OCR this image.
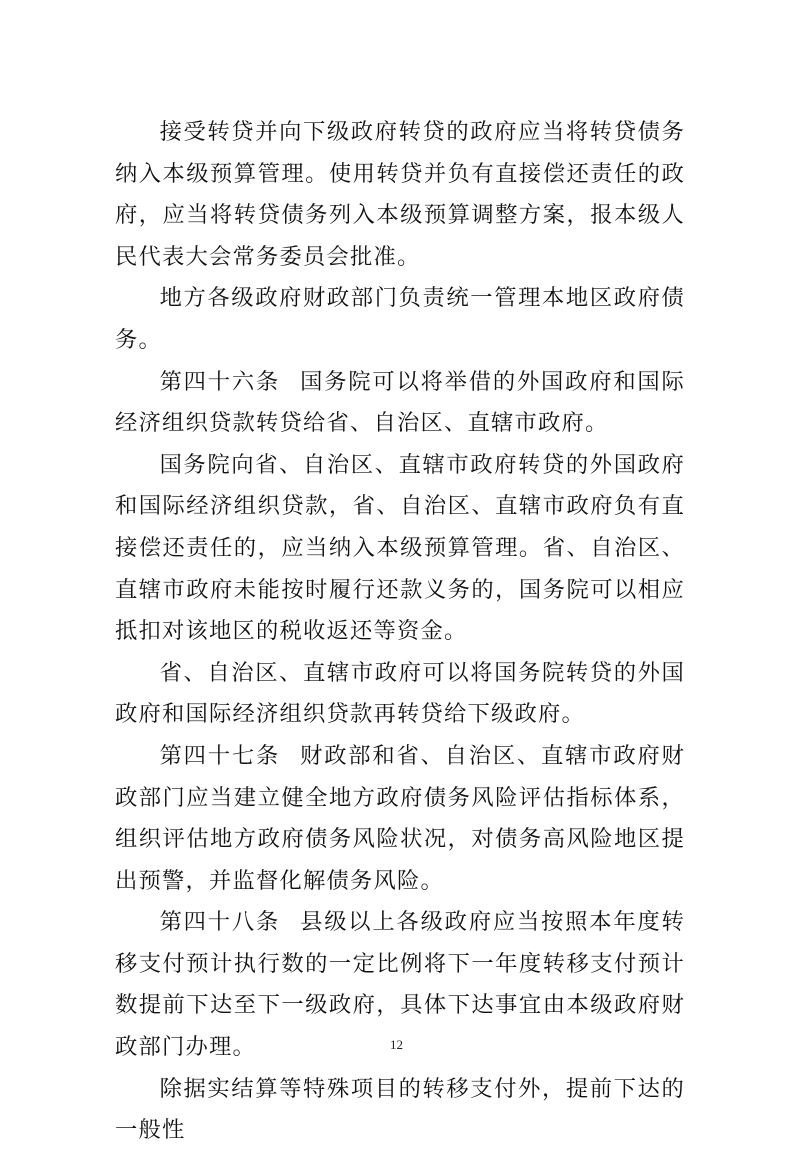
接受转贷并向下级政府转贷的政府应当将转贷债务纳入本级预算管理。使用转贷并负有直接偿还责任的政府，应当将转贷债务列入本级预算调整方案，报本级人民代表大会常务委员会批准。

地方各级政府财政部门负责统一管理本地区政府债务。

第四十六条 国务院可以将举借的外国政府和国际经济组织贷款转贷给省、自治区、直辖市政府。

国务院向省、自治区、直辖市政府转贷的外国政府和国际经济组织贷款，省、自治区、直辖市政府负有直接偿还责任的，应当纳入本级预算管理。省、自治区、直辖市政府未能按时履行还款义务的，国务院可以相应抵扣对该地区的税收返还等资金。

省、自治区、直辖市政府可以将国务院转贷的外国政府和国际经济组织贷款再转贷给下级政府。

第四十七条 财政部和省、自治区、直辖市政府财政部门应当建立健全地方政府债务风险评估指标体系，组织评估地方政府债务风险状况，对债务高风险地区提出预警，并监督化解债务风险。

第四十八条 县级以上各级政府应当按照本年度转移支付预计执行数的一定比例将下一年度转移支付预计数提前下达至下一级政府，具体下达事宜由本级政府财政部门办理。

除据实结算等特殊项目的转移支付外，提前下达的一般性

12
